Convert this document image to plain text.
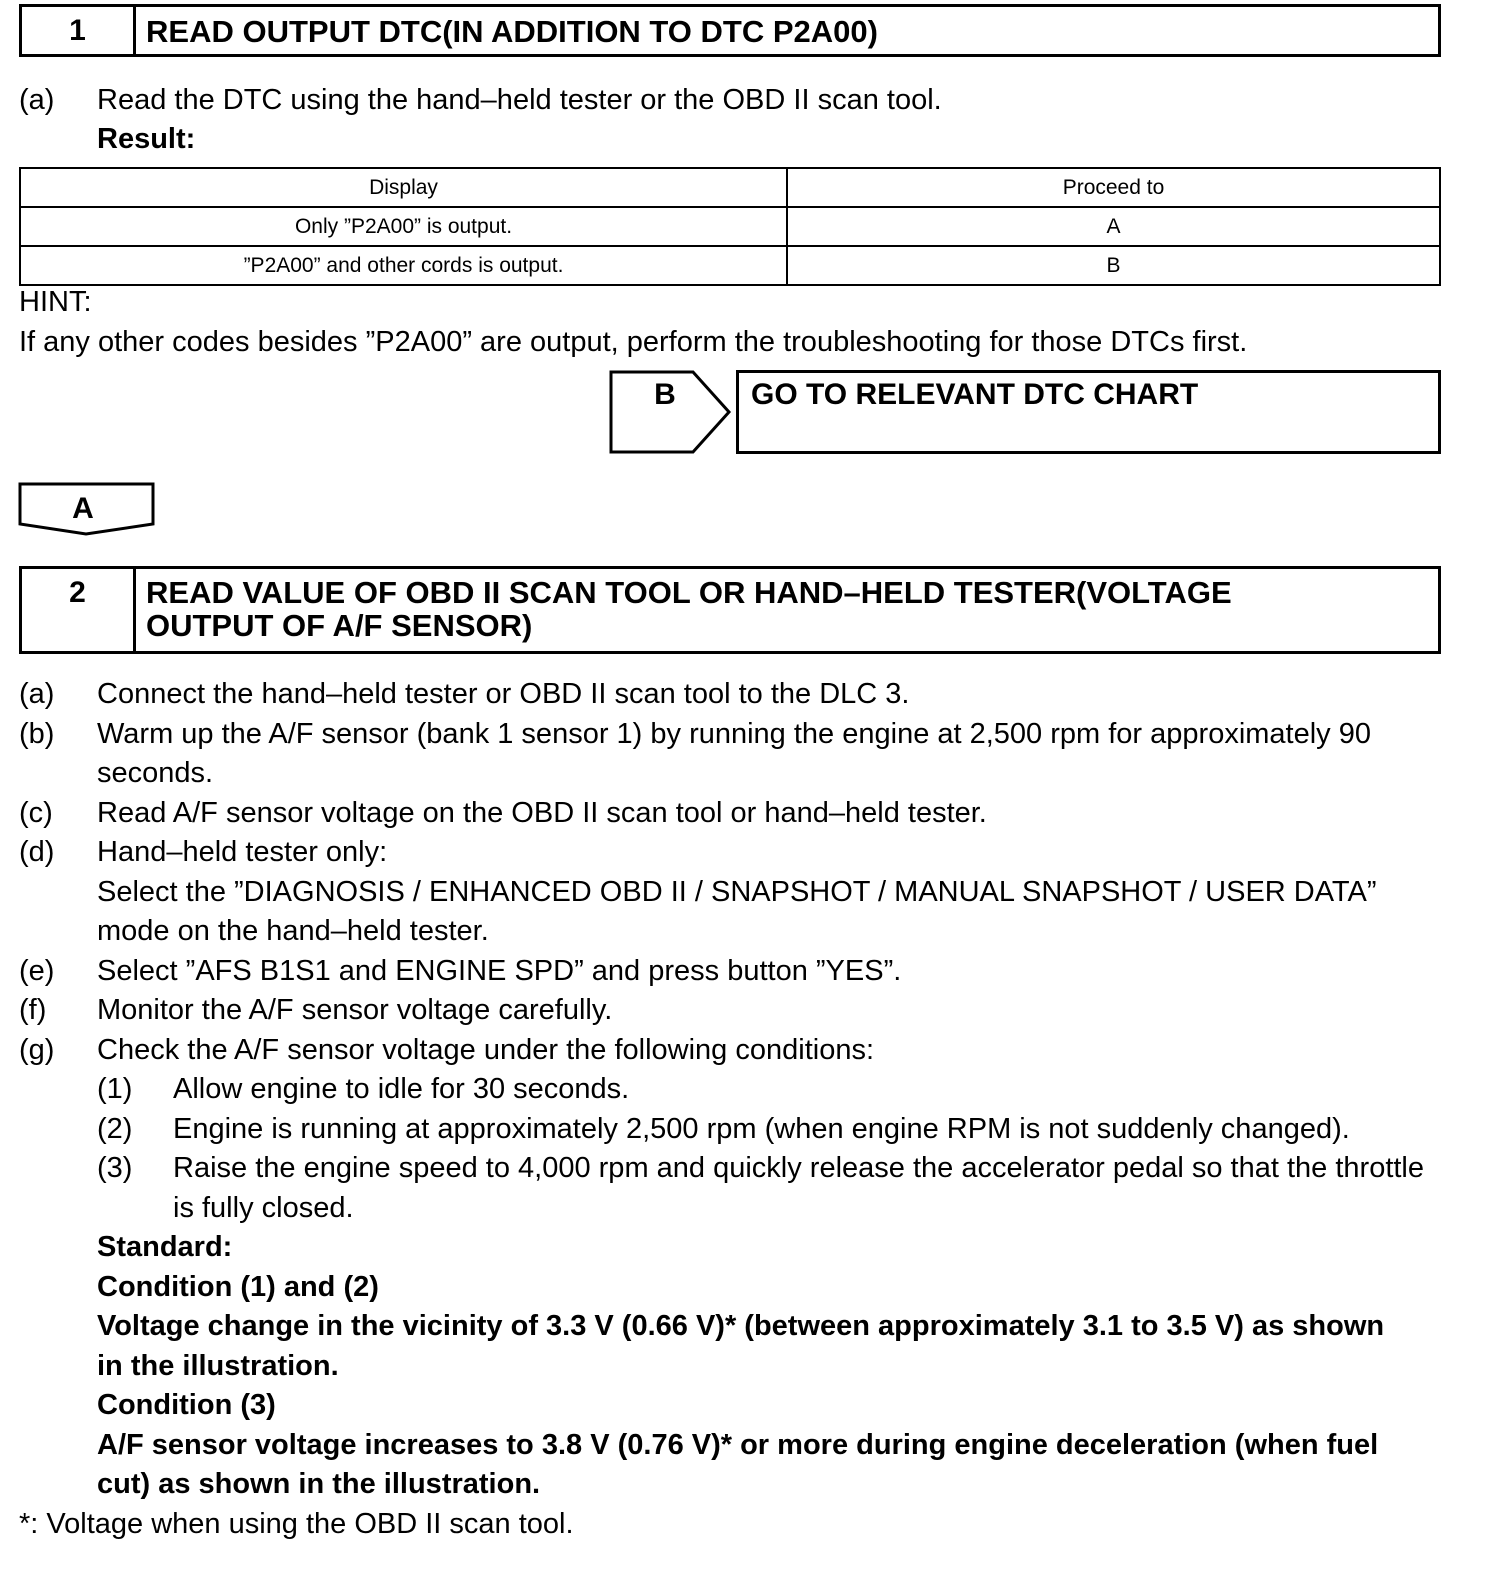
1	READ OUTPUT DTC(IN ADDITION TO DTC P2A00)
(a)	Read the DTC using the hand–held tester or the OBD II scan tool.
Result:
Display	Proceed to
Only ”P2A00” is output.	A
”P2A00” and other cords is output.	B
HINT:
If any other codes besides ”P2A00” are output, perform the troubleshooting for those DTCs first.
B	GO TO RELEVANT DTC CHART
A
2	READ VALUE OF OBD II SCAN TOOL OR HAND–HELD TESTER(VOLTAGE
OUTPUT OF A/F SENSOR)
(a)	Connect the hand–held tester or OBD II scan tool to the DLC 3.
(b)	Warm up the A/F sensor (bank 1 sensor 1) by running the engine at 2,500 rpm for approximately 90
seconds.
(c)	Read A/F sensor voltage on the OBD II scan tool or hand–held tester.
(d)	Hand–held tester only:
Select the ”DIAGNOSIS / ENHANCED OBD II / SNAPSHOT / MANUAL SNAPSHOT / USER DATA”
mode on the hand–held tester.
(e)	Select ”AFS B1S1 and ENGINE SPD” and press button ”YES”.
(f)	Monitor the A/F sensor voltage carefully.
(g)	Check the A/F sensor voltage under the following conditions:
(1) Allow engine to idle for 30 seconds.
(2) Engine is running at approximately 2,500 rpm (when engine RPM is not suddenly changed).
(3) Raise the engine speed to 4,000 rpm and quickly release the accelerator pedal so that the throttle
is fully closed.
Standard:
Condition (1) and (2)
Voltage change in the vicinity of 3.3 V (0.66 V)* (between approximately 3.1 to 3.5 V) as shown
in the illustration.
Condition (3)
A/F sensor voltage increases to 3.8 V (0.76 V)* or more during engine deceleration (when fuel
cut) as shown in the illustration.
*: Voltage when using the OBD II scan tool.
